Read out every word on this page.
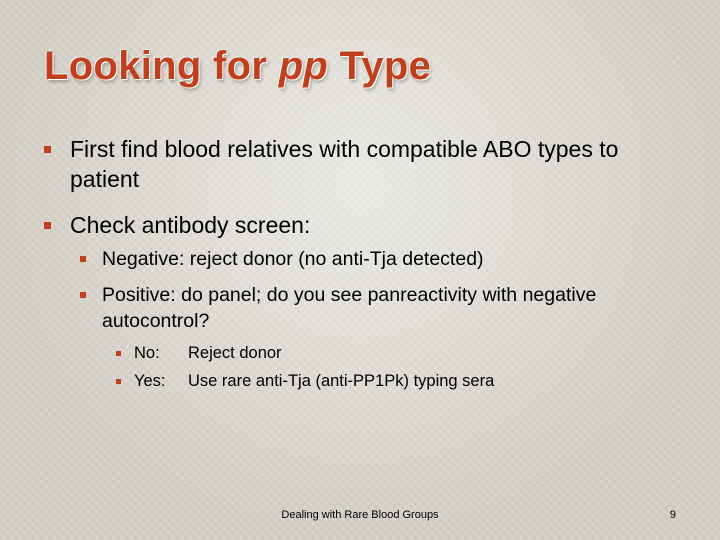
Looking for pp Type
First find blood relatives with compatible ABO types to patient
Check antibody screen:
Negative: reject donor (no anti-Tja detected)
Positive: do panel; do you see panreactivity with negative autocontrol?
No: Reject donor
Yes: Use rare anti-Tja (anti-PP1Pk) typing sera
Dealing with Rare Blood Groups	9
